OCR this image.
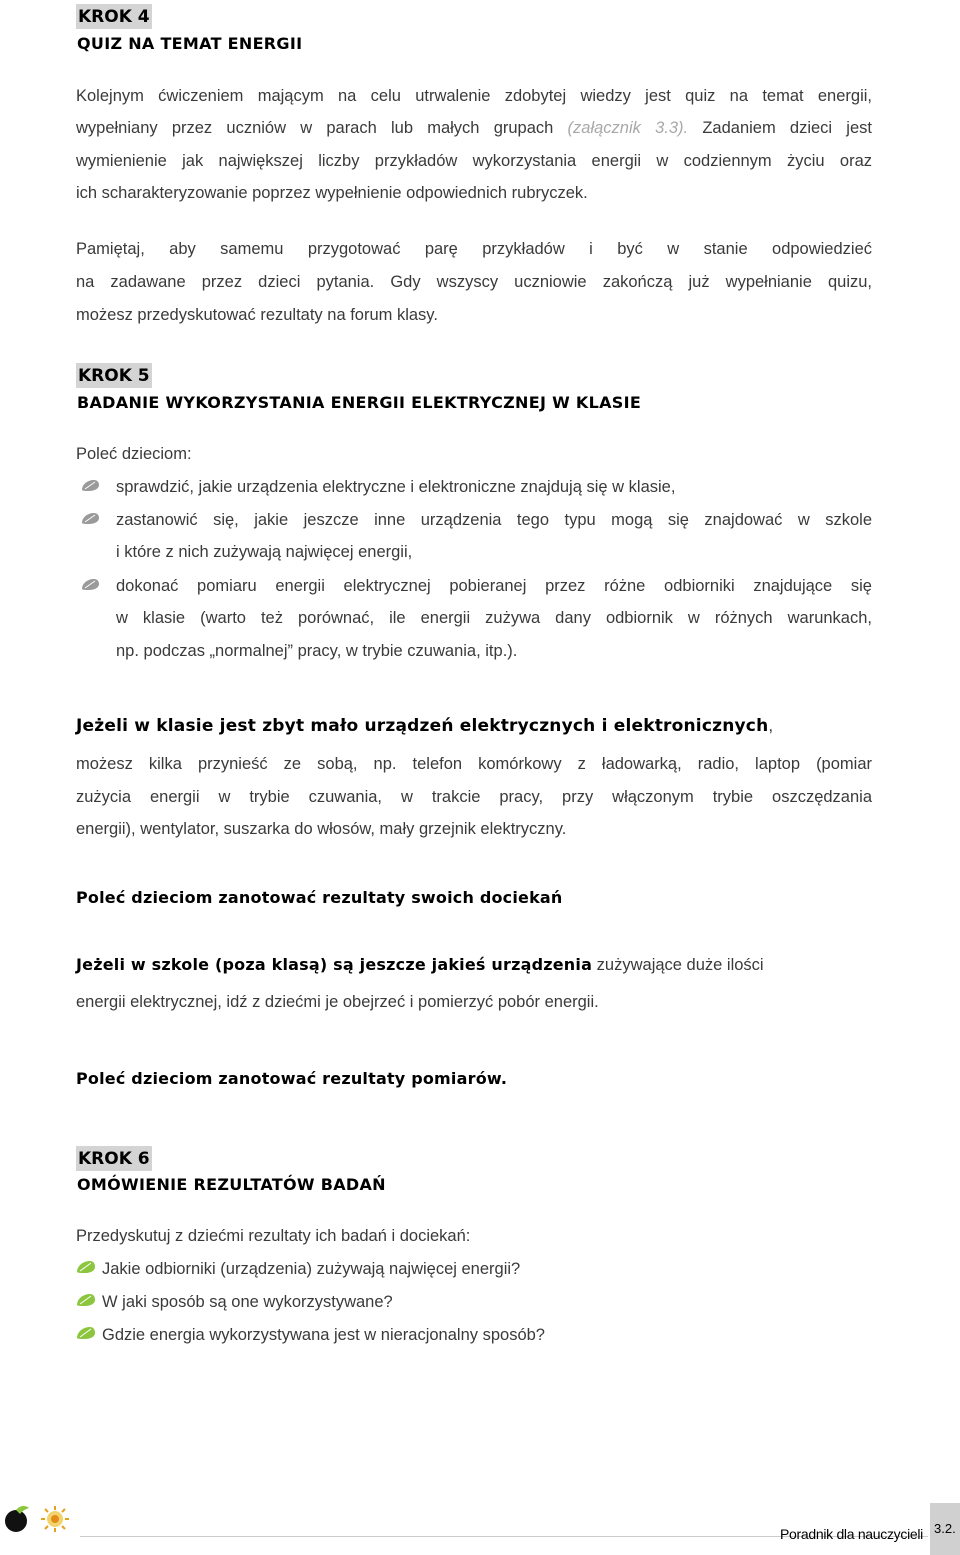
KROK 4
QUIZ NA TEMAT ENERGII
Kolejnym ćwiczeniem mającym na celu utrwalenie zdobytej wiedzy jest quiz na temat energii,
wypełniany przez uczniów w parach lub małych grupach (załącznik 3.3). Zadaniem dzieci jest
wymienienie jak największej liczby przykładów wykorzystania energii w codziennym życiu oraz
ich scharakteryzowanie poprzez wypełnienie odpowiednich rubryczek.
Pamiętaj, aby samemu przygotować parę przykładów i być w stanie odpowiedzieć
na zadawane przez dzieci pytania. Gdy wszyscy uczniowie zakończą już wypełnianie quizu,
możesz przedyskutować rezultaty na forum klasy.
KROK 5
BADANIE WYKORZYSTANIA ENERGII ELEKTRYCZNEJ W KLASIE
Poleć dzieciom:
sprawdzić, jakie urządzenia elektryczne i elektroniczne znajdują się w klasie,
zastanowić się, jakie jeszcze inne urządzenia tego typu mogą się znajdować w szkole
i które z nich zużywają najwięcej energii,
dokonać pomiaru energii elektrycznej pobieranej przez różne odbiorniki znajdujące się
w klasie (warto też porównać, ile energii zużywa dany odbiornik w różnych warunkach,
np. podczas „normalnej” pracy, w trybie czuwania, itp.).
Jeżeli w klasie jest zbyt mało urządzeń elektrycznych i elektronicznych,
możesz kilka przynieść ze sobą, np. telefon komórkowy z ładowarką, radio, laptop (pomiar
zużycia energii w trybie czuwania, w trakcie pracy, przy włączonym trybie oszczędzania
energii), wentylator, suszarka do włosów, mały grzejnik elektryczny.
Poleć dzieciom zanotować rezultaty swoich dociekań
Jeżeli w szkole (poza klasą) są jeszcze jakieś urządzenia zużywające duże ilości
energii elektrycznej, idź z dziećmi je obejrzeć i pomierzyć pobór energii.
Poleć dzieciom zanotować rezultaty pomiarów.
KROK 6
OMÓWIENIE REZULTATÓW BADAŃ
Przedyskutuj z dziećmi rezultaty ich badań i dociekań:
Jakie odbiorniki (urządzenia) zużywają najwięcej energii?
W jaki sposób są one wykorzystywane?
Gdzie energia wykorzystywana jest w nieracjonalny sposób?
Poradnik dla nauczycieli 3.2.
